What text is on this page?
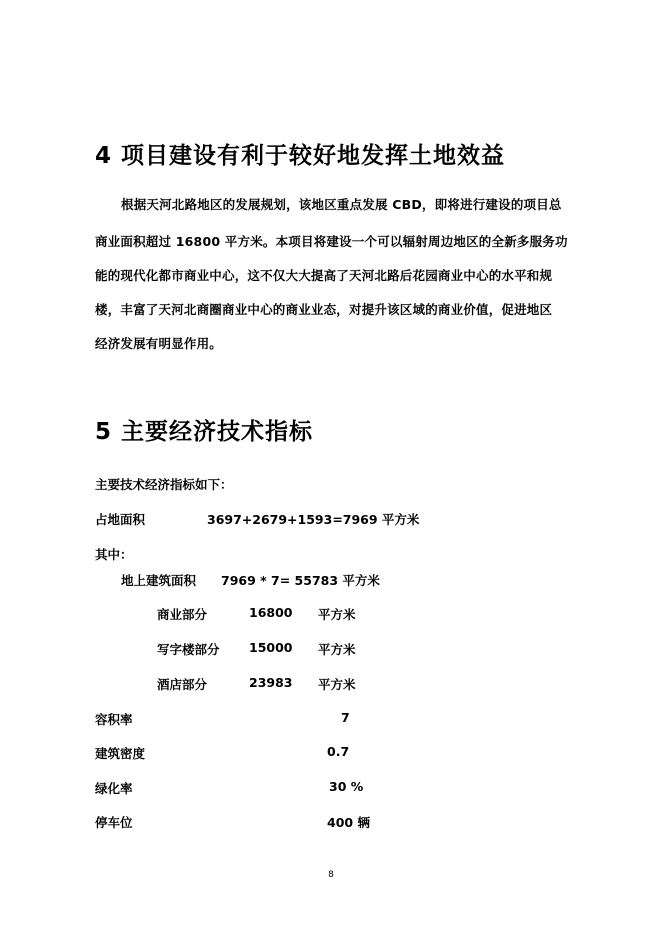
4 项目建设有利于较好地发挥土地效益
根据天河北路地区的发展规划，该地区重点发展 CBD，即将进行建设的项目总
商业面积超过 16800 平方米。本项目将建设一个可以辐射周边地区的全新多服务功
能的现代化都市商业中心，这不仅大大提高了天河北路后花园商业中心的水平和规
楼，丰富了天河北商圈商业中心的商业业态，对提升该区域的商业价值，促进地区
经济发展有明显作用。
5 主要经济技术指标
主要技术经济指标如下：
占地面积	3697+2679+1593=7969 平方米
其中：
地上建筑面积 7969 * 7= 55783 平方米
商业部分	16800 平方米
写字楼部分 15000 平方米
酒店部分	23983 平方米
容积率	7
建筑密度	0.7
绿化率	30 %
停车位	400 辆
8
